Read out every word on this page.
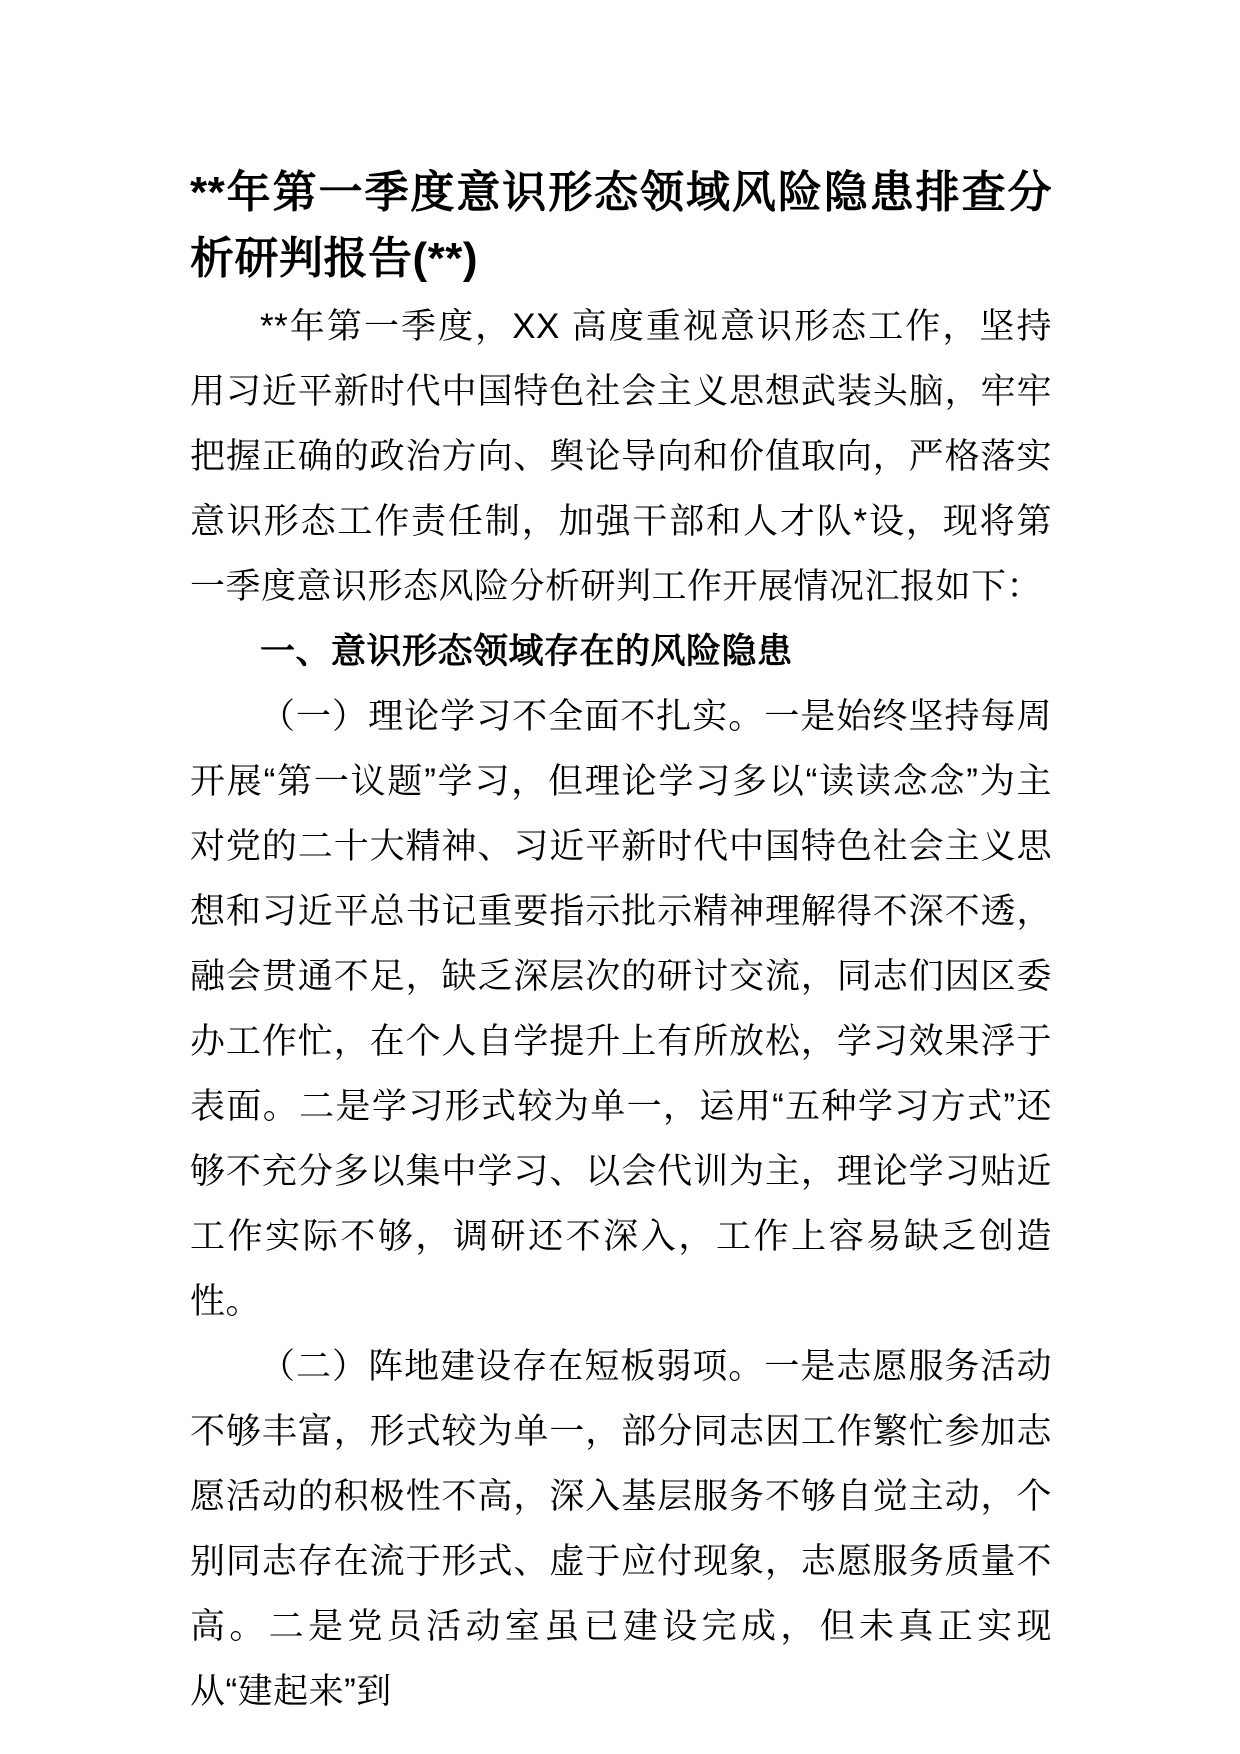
**年第一季度意识形态领域风险隐患排查分析研判报告(**)

**年第一季度，XX 高度重视意识形态工作，坚持用习近平新时代中国特色社会主义思想武装头脑，牢牢把握正确的政治方向、舆论导向和价值取向，严格落实意识形态工作责任制，加强干部和人才队*设，现将第一季度意识形态风险分析研判工作开展情况汇报如下：

一、意识形态领域存在的风险隐患

（一）理论学习不全面不扎实。一是始终坚持每周开展“第一议题”学习，但理论学习多以“读读念念”为主对党的二十大精神、习近平新时代中国特色社会主义思想和习近平总书记重要指示批示精神理解得不深不透，融会贯通不足，缺乏深层次的研讨交流，同志们因区委办工作忙，在个人自学提升上有所放松，学习效果浮于表面。二是学习形式较为单一，运用“五种学习方式”还够不充分多以集中学习、以会代训为主，理论学习贴近工作实际不够，调研还不深入，工作上容易缺乏创造性。

（二）阵地建设存在短板弱项。一是志愿服务活动不够丰富，形式较为单一，部分同志因工作繁忙参加志愿活动的积极性不高，深入基层服务不够自觉主动，个别同志存在流于形式、虚于应付现象，志愿服务质量不高。二是党员活动室虽已建设完成，但未真正实现从“建起来”到
